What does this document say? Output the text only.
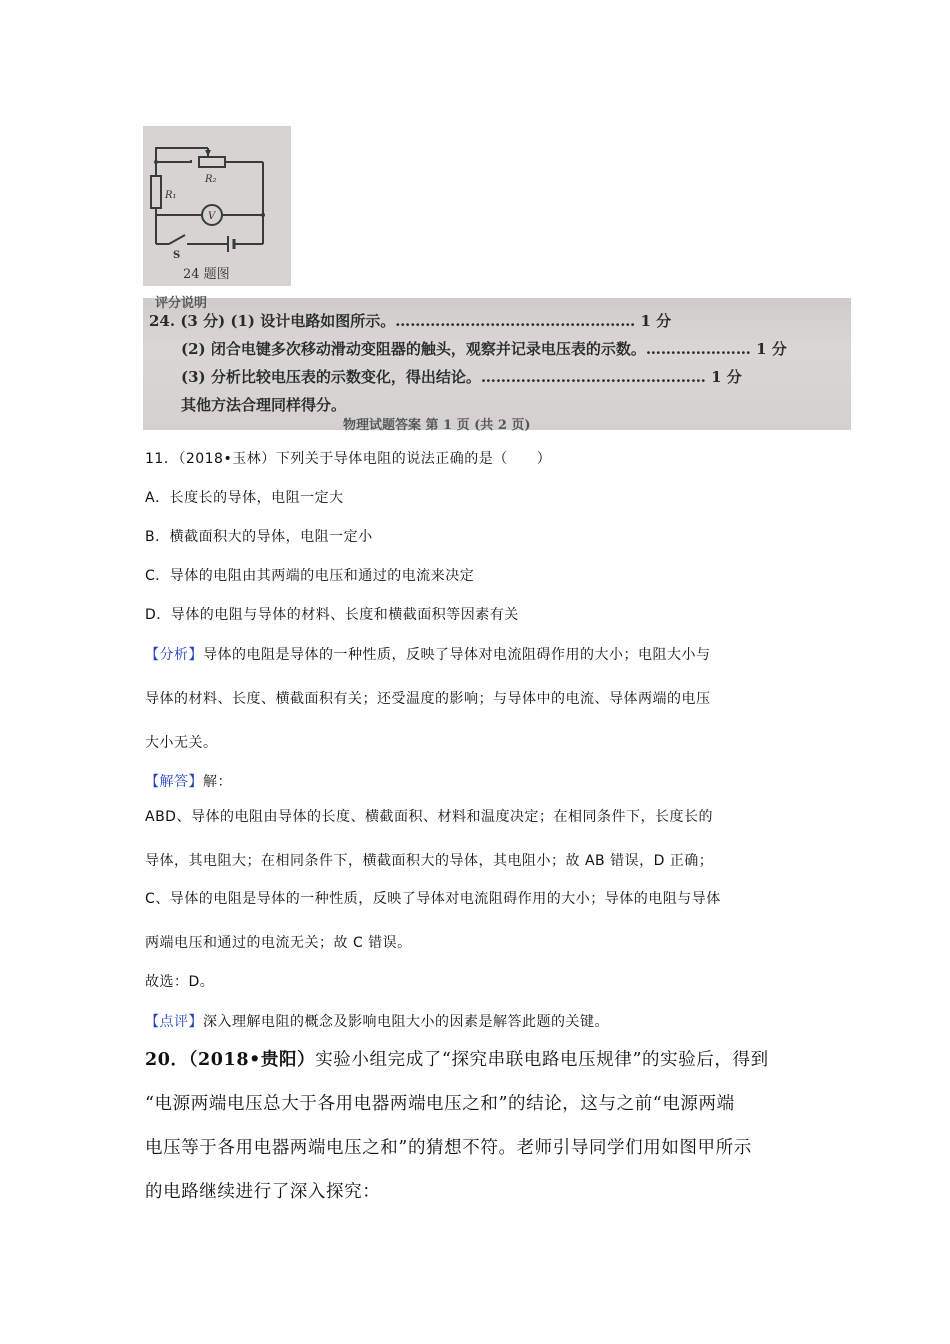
R₂
R₁
V
S
24 题图
评分说明
24. (3 分) (1) 设计电路如图所示。………………………………………… 1 分
(2) 闭合电键多次移动滑动变阻器的触头，观察并记录电压表的示数。………………… 1 分
(3) 分析比较电压表的示数变化，得出结论。……………………………………… 1 分
其他方法合理同样得分。
物理试题答案 第 1 页 (共 2 页)
11．（2018•玉林）下列关于导体电阻的说法正确的是（　　）
A．长度长的导体，电阻一定大
B．横截面积大的导体，电阻一定小
C．导体的电阻由其两端的电压和通过的电流来决定
D．导体的电阻与导体的材料、长度和横截面积等因素有关
【分析】导体的电阻是导体的一种性质，反映了导体对电流阻碍作用的大小；电阻大小与
导体的材料、长度、横截面积有关；还受温度的影响；与导体中的电流、导体两端的电压
大小无关。
【解答】解：
ABD、导体的电阻由导体的长度、横截面积、材料和温度决定；在相同条件下，长度长的
导体，其电阻大；在相同条件下，横截面积大的导体，其电阻小；故 AB 错误，D 正确；
C、导体的电阻是导体的一种性质，反映了导体对电流阻碍作用的大小；导体的电阻与导体
两端电压和通过的电流无关；故 C 错误。
故选：D。
【点评】深入理解电阻的概念及影响电阻大小的因素是解答此题的关键。
20．（2018•贵阳）实验小组完成了“探究串联电路电压规律”的实验后，得到
“电源两端电压总大于各用电器两端电压之和”的结论，这与之前“电源两端
电压等于各用电器两端电压之和”的猜想不符。老师引导同学们用如图甲所示
的电路继续进行了深入探究：
